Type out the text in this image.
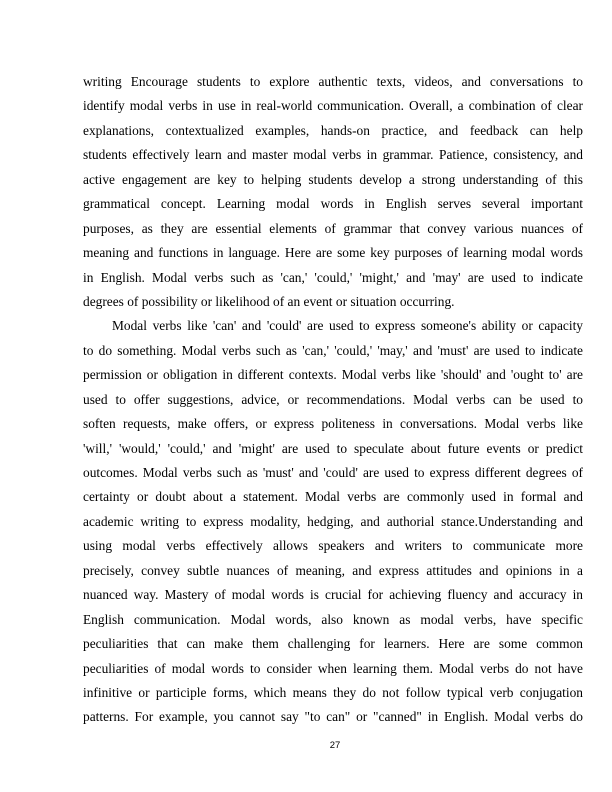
writing Encourage students to explore authentic texts, videos, and conversations to
identify modal verbs in use in real-world communication. Overall, a combination of clear
explanations, contextualized examples, hands-on practice, and feedback can help
students effectively learn and master modal verbs in grammar. Patience, consistency, and
active engagement are key to helping students develop a strong understanding of this
grammatical concept. Learning modal words in English serves several important
purposes, as they are essential elements of grammar that convey various nuances of
meaning and functions in language. Here are some key purposes of learning modal words
in English. Modal verbs such as 'can,' 'could,' 'might,' and 'may' are used to indicate
degrees of possibility or likelihood of an event or situation occurring.
Modal verbs like 'can' and 'could' are used to express someone's ability or capacity
to do something. Modal verbs such as 'can,' 'could,' 'may,' and 'must' are used to indicate
permission or obligation in different contexts. Modal verbs like 'should' and 'ought to' are
used to offer suggestions, advice, or recommendations. Modal verbs can be used to
soften requests, make offers, or express politeness in conversations. Modal verbs like
'will,' 'would,' 'could,' and 'might' are used to speculate about future events or predict
outcomes. Modal verbs such as 'must' and 'could' are used to express different degrees of
certainty or doubt about a statement. Modal verbs are commonly used in formal and
academic writing to express modality, hedging, and authorial stance.Understanding and
using modal verbs effectively allows speakers and writers to communicate more
precisely, convey subtle nuances of meaning, and express attitudes and opinions in a
nuanced way. Mastery of modal words is crucial for achieving fluency and accuracy in
English communication. Modal words, also known as modal verbs, have specific
peculiarities that can make them challenging for learners. Here are some common
peculiarities of modal words to consider when learning them. Modal verbs do not have
infinitive or participle forms, which means they do not follow typical verb conjugation
patterns. For example, you cannot say "to can" or "canned" in English. Modal verbs do
27
